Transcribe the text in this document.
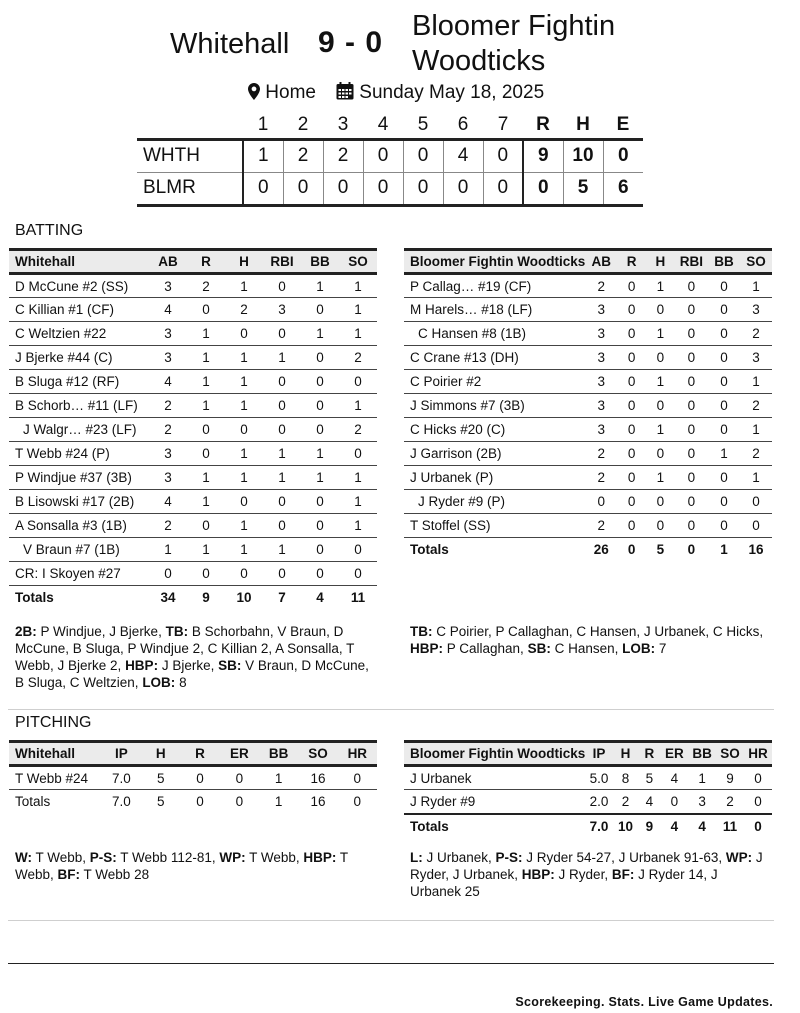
Whitehall 9 - 0 Bloomer Fightin Woodticks
Home	Sunday May 18, 2025
	1	2	3	4	5	6	7	R	H	E
WHTH	1	2	2	0	0	4	0	9	10	0
BLMR	0	0	0	0	0	0	0	0	5	6
BATTING
Whitehall	AB	R	H	RBI	BB	SO
D McCune #2 (SS)	3	2	1	0	1	1
C Killian #1 (CF)	4	0	2	3	0	1
C Weltzien #22	3	1	0	0	1	1
J Bjerke #44 (C)	3	1	1	1	0	2
B Sluga #12 (RF)	4	1	1	0	0	0
B Schorb… #11 (LF)	2	1	1	0	0	1
J Walgr… #23 (LF)	2	0	0	0	0	2
T Webb #24 (P)	3	0	1	1	1	0
P Windjue #37 (3B)	3	1	1	1	1	1
B Lisowski #17 (2B)	4	1	0	0	0	1
A Sonsalla #3 (1B)	2	0	1	0	0	1
V Braun #7 (1B)	1	1	1	1	0	0
CR: I Skoyen #27	0	0	0	0	0	0
Totals	34	9	10	7	4	11
Bloomer Fightin Woodticks	AB	R	H	RBI	BB	SO
P Callag… #19 (CF)	2	0	1	0	0	1
M Harels… #18 (LF)	3	0	0	0	0	3
C Hansen #8 (1B)	3	0	1	0	0	2
C Crane #13 (DH)	3	0	0	0	0	3
C Poirier #2	3	0	1	0	0	1
J Simmons #7 (3B)	3	0	0	0	0	2
C Hicks #20 (C)	3	0	1	0	0	1
J Garrison (2B)	2	0	0	0	1	2
J Urbanek (P)	2	0	1	0	0	1
J Ryder #9 (P)	0	0	0	0	0	0
T Stoffel (SS)	2	0	0	0	0	0
Totals	26	0	5	0	1	16
2B: P Windjue, J Bjerke, TB: B Schorbahn, V Braun, D McCune, B Sluga, P Windjue 2, C Killian 2, A Sonsalla, T Webb, J Bjerke 2, HBP: J Bjerke, SB: V Braun, D McCune, B Sluga, C Weltzien, LOB: 8
TB: C Poirier, P Callaghan, C Hansen, J Urbanek, C Hicks, HBP: P Callaghan, SB: C Hansen, LOB: 7
PITCHING
Whitehall	IP	H	R	ER	BB	SO	HR
T Webb #24	7.0	5	0	0	1	16	0
Totals	7.0	5	0	0	1	16	0
Bloomer Fightin Woodticks	IP	H	R	ER	BB	SO	HR
J Urbanek	5.0	8	5	4	1	9	0
J Ryder #9	2.0	2	4	0	3	2	0
Totals	7.0	10	9	4	4	11	0
W: T Webb, P-S: T Webb 112-81, WP: T Webb, HBP: T Webb, BF: T Webb 28
L: J Urbanek, P-S: J Ryder 54-27, J Urbanek 91-63, WP: J Ryder, J Urbanek, HBP: J Ryder, BF: J Ryder 14, J Urbanek 25
Scorekeeping. Stats. Live Game Updates.
